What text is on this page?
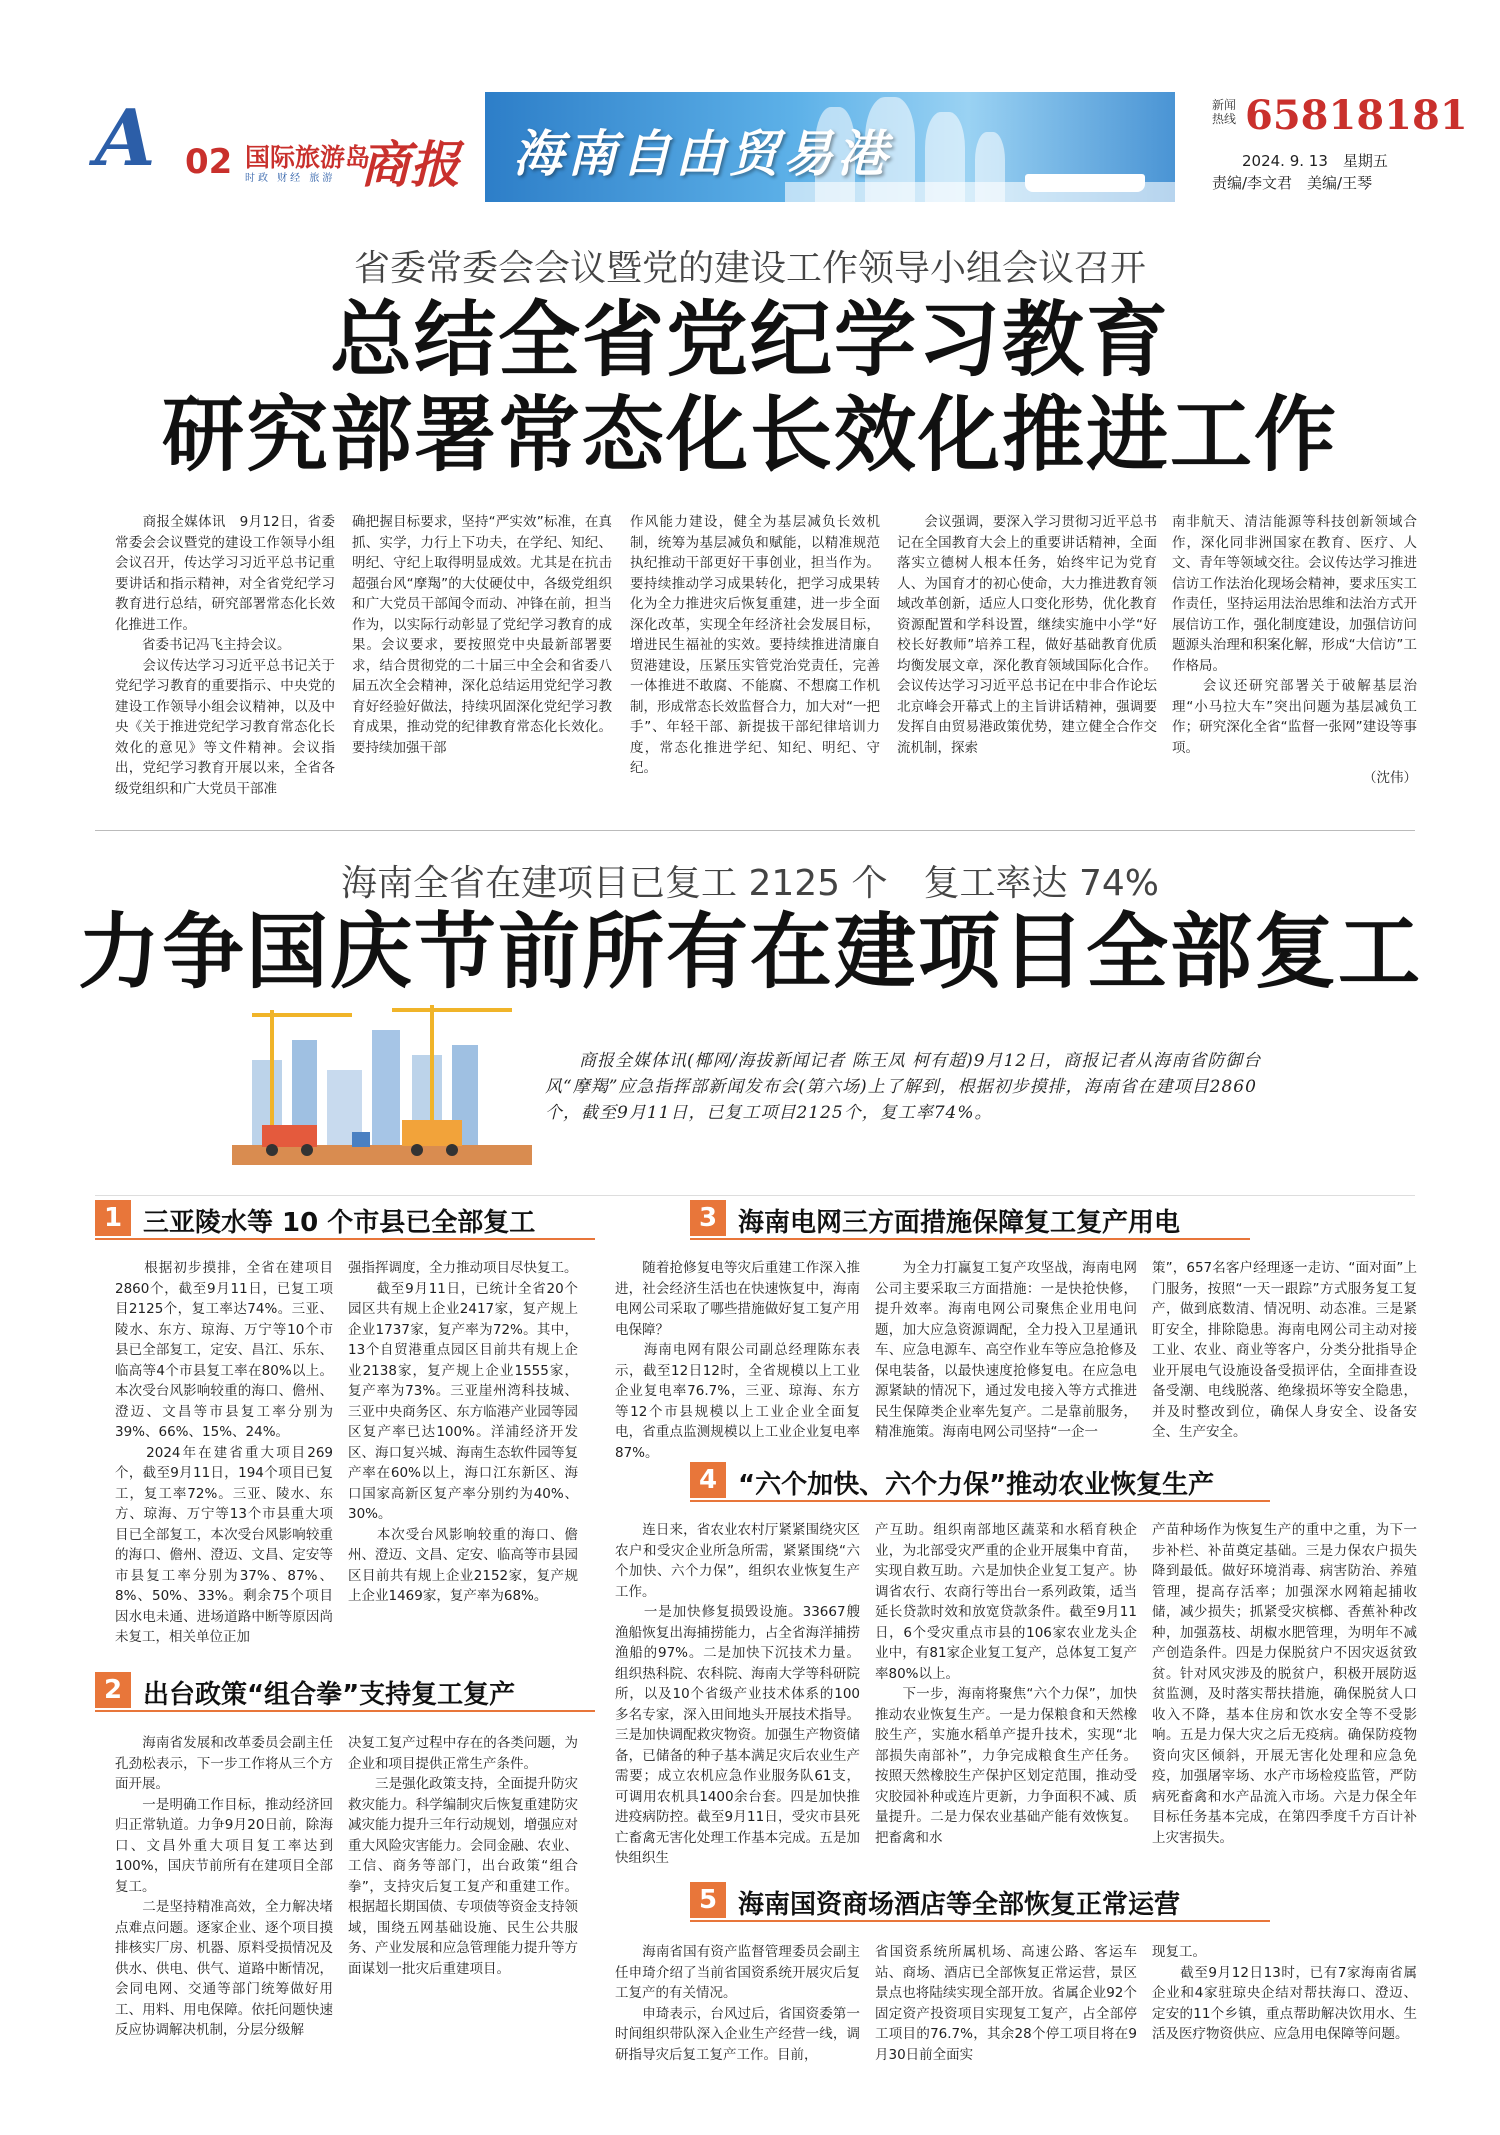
A 02 国际旅游岛
时政 财经 旅游 商报 海南自由贸易港
新闻热线 65818181
2024. 9. 13　星期五
责编/李文君　美编/王琴
省委常委会会议暨党的建设工作领导小组会议召开
总结全省党纪学习教育
研究部署常态化长效化推进工作
　　商报全媒体讯　9月12日，省委常委会会议暨党的建设工作领导小组会议召开，传达学习习近平总书记重要讲话和指示精神，对全省党纪学习教育进行总结，研究部署常态化长效化推进工作。
　　省委书记冯飞主持会议。
　　会议传达学习习近平总书记关于党纪学习教育的重要指示、中央党的建设工作领导小组会议精神，以及中央《关于推进党纪学习教育常态化长效化的意见》等文件精神。会议指出，党纪学习教育开展以来，全省各级党组织和广大党员干部准
确把握目标要求，坚持“严实效”标准，在真抓、实学，力行上下功夫，在学纪、知纪、明纪、守纪上取得明显成效。尤其是在抗击超强台风“摩羯”的大仗硬仗中，各级党组织和广大党员干部闻令而动、冲锋在前，担当作为，以实际行动彰显了党纪学习教育的成果。会议要求，要按照党中央最新部署要求，结合贯彻党的二十届三中全会和省委八届五次全会精神，深化总结运用党纪学习教育好经验好做法，持续巩固深化党纪学习教育成果，推动党的纪律教育常态化长效化。要持续加强干部
作风能力建设，健全为基层减负长效机制，统筹为基层减负和赋能，以精准规范执纪推动干部更好干事创业，担当作为。要持续推动学习成果转化，把学习成果转化为全力推进灾后恢复重建，进一步全面深化改革，实现全年经济社会发展目标，增进民生福祉的实效。要持续推进清廉自贸港建设，压紧压实管党治党责任，完善一体推进不敢腐、不能腐、不想腐工作机制，形成常态长效监督合力，加大对“一把手”、年轻干部、新提拔干部纪律培训力度，常态化推进学纪、知纪、明纪、守纪。
　　会议强调，要深入学习贯彻习近平总书记在全国教育大会上的重要讲话精神，全面落实立德树人根本任务，始终牢记为党育人、为国育才的初心使命，大力推进教育领域改革创新，适应人口变化形势，优化教育资源配置和学科设置，继续实施中小学“好校长好教师”培养工程，做好基础教育优质均衡发展文章，深化教育领域国际化合作。会议传达学习习近平总书记在中非合作论坛北京峰会开幕式上的主旨讲话精神，强调要发挥自由贸易港政策优势，建立健全合作交流机制，探索
南非航天、清洁能源等科技创新领域合作，深化同非洲国家在教育、医疗、人文、青年等领域交往。会议传达学习推进信访工作法治化现场会精神，要求压实工作责任，坚持运用法治思维和法治方式开展信访工作，强化制度建设，加强信访问题源头治理和积案化解，形成“大信访”工作格局。
　　会议还研究部署关于破解基层治理“小马拉大车”突出问题为基层减负工作；研究深化全省“监督一张网”建设等事项。
（沈伟）
海南全省在建项目已复工 2125 个　复工率达 74%
力争国庆节前所有在建项目全部复工
商报全媒体讯(椰网/海拔新闻记者 陈王凤 柯有超)9月12日，商报记者从海南省防御台风“摩羯”应急指挥部新闻发布会(第六场)上了解到，根据初步摸排，海南省在建项目2860个，截至9月11日，已复工项目2125个，复工率74%。
1 三亚陵水等 10 个市县已全部复工
　　根据初步摸排，全省在建项目2860个，截至9月11日，已复工项目2125个，复工率达74%。三亚、陵水、东方、琼海、万宁等10个市县已全部复工，定安、昌江、乐东、临高等4个市县复工率在80%以上。本次受台风影响较重的海口、儋州、澄迈、文昌等市县复工率分别为39%、66%、15%、24%。
　　2024年在建省重大项目269个，截至9月11日，194个项目已复工，复工率72%。三亚、陵水、东方、琼海、万宁等13个市县重大项目已全部复工，本次受台风影响较重的海口、儋州、澄迈、文昌、定安等市县复工率分别为37%、87%、8%、50%、33%。剩余75个项目因水电未通、进场道路中断等原因尚未复工，相关单位正加
强指挥调度，全力推动项目尽快复工。
　　截至9月11日，已统计全省20个园区共有规上企业2417家，复产规上企业1737家，复产率为72%。其中，13个自贸港重点园区目前共有规上企业2138家，复产规上企业1555家，复产率为73%。三亚崖州湾科技城、三亚中央商务区、东方临港产业园等园区复产率已达100%。洋浦经济开发区、海口复兴城、海南生态软件园等复产率在60%以上，海口江东新区、海口国家高新区复产率分别约为40%、30%。
　　本次受台风影响较重的海口、儋州、澄迈、文昌、定安、临高等市县园区目前共有规上企业2152家，复产规上企业1469家，复产率为68%。
2 出台政策“组合拳”支持复工复产
　　海南省发展和改革委员会副主任孔劲松表示，下一步工作将从三个方面开展。
　　一是明确工作目标，推动经济回归正常轨道。力争9月20日前，除海口、文昌外重大项目复工率达到100%，国庆节前所有在建项目全部复工。
　　二是坚持精准高效，全力解决堵点难点问题。逐家企业、逐个项目摸排核实厂房、机器、原料受损情况及供水、供电、供气、道路中断情况，会同电网、交通等部门统筹做好用工、用料、用电保障。依托问题快速反应协调解决机制，分层分级解
决复工复产过程中存在的各类问题，为企业和项目提供正常生产条件。
　　三是强化政策支持，全面提升防灾救灾能力。科学编制灾后恢复重建防灾减灾能力提升三年行动规划，增强应对重大风险灾害能力。会同金融、农业、工信、商务等部门，出台政策“组合拳”，支持灾后复工复产和重建工作。根据超长期国债、专项债等资金支持领域，围绕五网基础设施、民生公共服务、产业发展和应急管理能力提升等方面谋划一批灾后重建项目。
3 海南电网三方面措施保障复工复产用电
　　随着抢修复电等灾后重建工作深入推进，社会经济生活也在快速恢复中，海南电网公司采取了哪些措施做好复工复产用电保障？
　　海南电网有限公司副总经理陈东表示，截至12日12时，全省规模以上工业企业复电率76.7%，三亚、琼海、东方等12个市县规模以上工业企业全面复电，省重点监测规模以上工业企业复电率87%。
　　为全力打赢复工复产攻坚战，海南电网公司主要采取三方面措施：一是快抢快修，提升效率。海南电网公司聚焦企业用电问题，加大应急资源调配，全力投入卫星通讯车、应急电源车、高空作业车等应急抢修及保电装备，以最快速度抢修复电。在应急电源紧缺的情况下，通过发电接入等方式推进民生保障类企业率先复产。二是靠前服务，精准施策。海南电网公司坚持“一企一
策”，657名客户经理逐一走访、“面对面”上门服务，按照“一天一跟踪”方式服务复工复产，做到底数清、情况明、动态准。三是紧盯安全，排除隐患。海南电网公司主动对接工业、农业、商业等客户，分类分批指导企业开展电气设施设备受损评估，全面排查设备受潮、电线脱落、绝缘损坏等安全隐患，并及时整改到位，确保人身安全、设备安全、生产安全。
4 “六个加快、六个力保”推动农业恢复生产
　　连日来，省农业农村厅紧紧围绕灾区农户和受灾企业所急所需，紧紧围绕“六个加快、六个力保”，组织农业恢复生产工作。
　　一是加快修复损毁设施。33667艘渔船恢复出海捕捞能力，占全省海洋捕捞渔船的97%。二是加快下沉技术力量。组织热科院、农科院、海南大学等科研院所，以及10个省级产业技术体系的100多名专家，深入田间地头开展技术指导。三是加快调配救灾物资。加强生产物资储备，已储备的种子基本满足灾后农业生产需要；成立农机应急作业服务队61支，可调用农机具1400余台套。四是加快推进疫病防控。截至9月11日，受灾市县死亡畜禽无害化处理工作基本完成。五是加快组织生
产互助。组织南部地区蔬菜和水稻育秧企业，为北部受灾严重的企业开展集中育苗，实现自救互助。六是加快企业复工复产。协调省农行、农商行等出台一系列政策，适当延长贷款时效和放宽贷款条件。截至9月11日，6个受灾重点市县的106家农业龙头企业中，有81家企业复工复产，总体复工复产率80%以上。
　　下一步，海南将聚焦“六个力保”，加快推动农业恢复生产。一是力保粮食和天然橡胶生产，实施水稻单产提升技术，实现“北部损失南部补”，力争完成粮食生产任务。按照天然橡胶生产保护区划定范围，推动受灾胶园补种或连片更新，力争面积不减、质量提升。二是力保农业基础产能有效恢复。把畜禽和水
产苗种场作为恢复生产的重中之重，为下一步补栏、补苗奠定基础。三是力保农户损失降到最低。做好环境消毒、病害防治、养殖管理，提高存活率；加强深水网箱起捕收储，减少损失；抓紧受灾槟榔、香蕉补种改种，加强荔枝、胡椒水肥管理，为明年不减产创造条件。四是力保脱贫户不因灾返贫致贫。针对风灾涉及的脱贫户，积极开展防返贫监测，及时落实帮扶措施，确保脱贫人口收入不降，基本住房和饮水安全等不受影响。五是力保大灾之后无疫病。确保防疫物资向灾区倾斜，开展无害化处理和应急免疫，加强屠宰场、水产市场检疫监管，严防病死畜禽和水产品流入市场。六是力保全年目标任务基本完成，在第四季度千方百计补上灾害损失。
5 海南国资商场酒店等全部恢复正常运营
　　海南省国有资产监督管理委员会副主任申琦介绍了当前省国资系统开展灾后复工复产的有关情况。
　　申琦表示，台风过后，省国资委第一时间组织带队深入企业生产经营一线，调研指导灾后复工复产工作。目前，
省国资系统所属机场、高速公路、客运车站、商场、酒店已全部恢复正常运营，景区景点也将陆续实现全部开放。省属企业92个固定资产投资项目实现复工复产，占全部停工项目的76.7%，其余28个停工项目将在9月30日前全面实
现复工。
　　截至9月12日13时，已有7家海南省属企业和4家驻琼央企结对帮扶海口、澄迈、定安的11个乡镇，重点帮助解决饮用水、生活及医疗物资供应、应急用电保障等问题。
